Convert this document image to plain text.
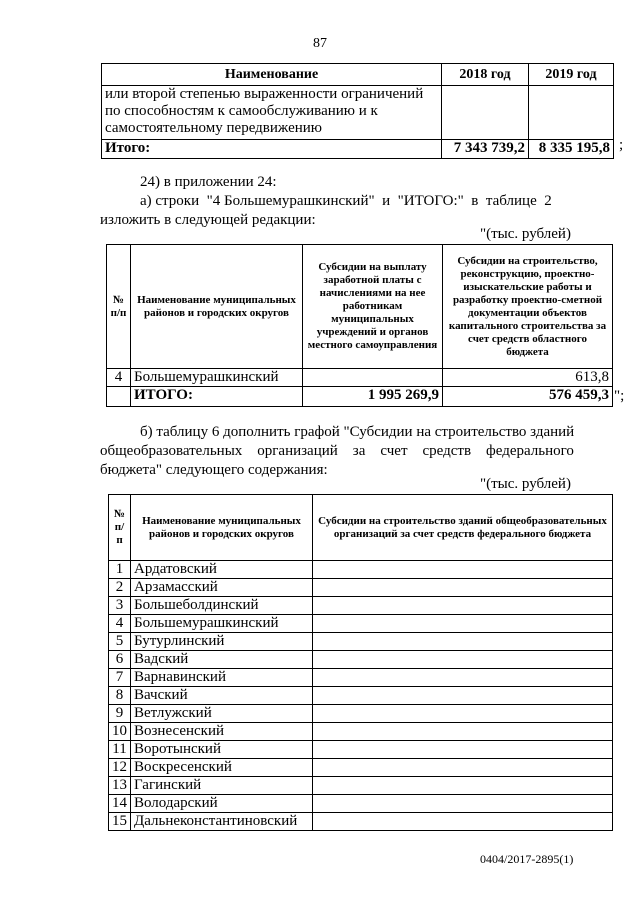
87
Наименование	2018 год	2019 год
или второй степенью выраженности ограничений по способностям к самообслуживанию и к самостоятельному передвижению		
Итого:	7 343 739,2	8 335 195,8 ;
24) в приложении 24:
а) строки  "4 Большемурашкинский"  и  "ИТОГО:"  в  таблице  2
изложить в следующей редакции:
"(тыс. рублей)
№ п/п	Наименование муниципальных районов и городских округов	Субсидии на выплату заработной платы с начислениями на нее работникам муниципальных учреждений и органов местного самоуправления	Субсидии на строительство, реконструкцию, проектно-изыскательские работы и разработку проектно-сметной документации объектов капитального строительства за счет средств областного бюджета
4	Большемурашкинский		613,8
	ИТОГО:	1 995 269,9	576 459,3 ";
б) таблицу 6 дополнить графой "Субсидии на строительство зданий
общеобразовательных    организаций    за    счет    средств    федерального
бюджета" следующего содержания:
"(тыс. рублей)
№ п/п	Наименование муниципальных районов и городских округов	Субсидии на строительство зданий общеобразовательных организаций за счет средств федерального бюджета
1	Ардатовский	
2	Арзамасский	
3	Большеболдинский	
4	Большемурашкинский	
5	Бутурлинский	
6	Вадский	
7	Варнавинский	
8	Вачский	
9	Ветлужский	
10	Вознесенский	
11	Воротынский	
12	Воскресенский	
13	Гагинский	
14	Володарский	
15	Дальнеконстантиновский	
0404/2017-2895(1)
